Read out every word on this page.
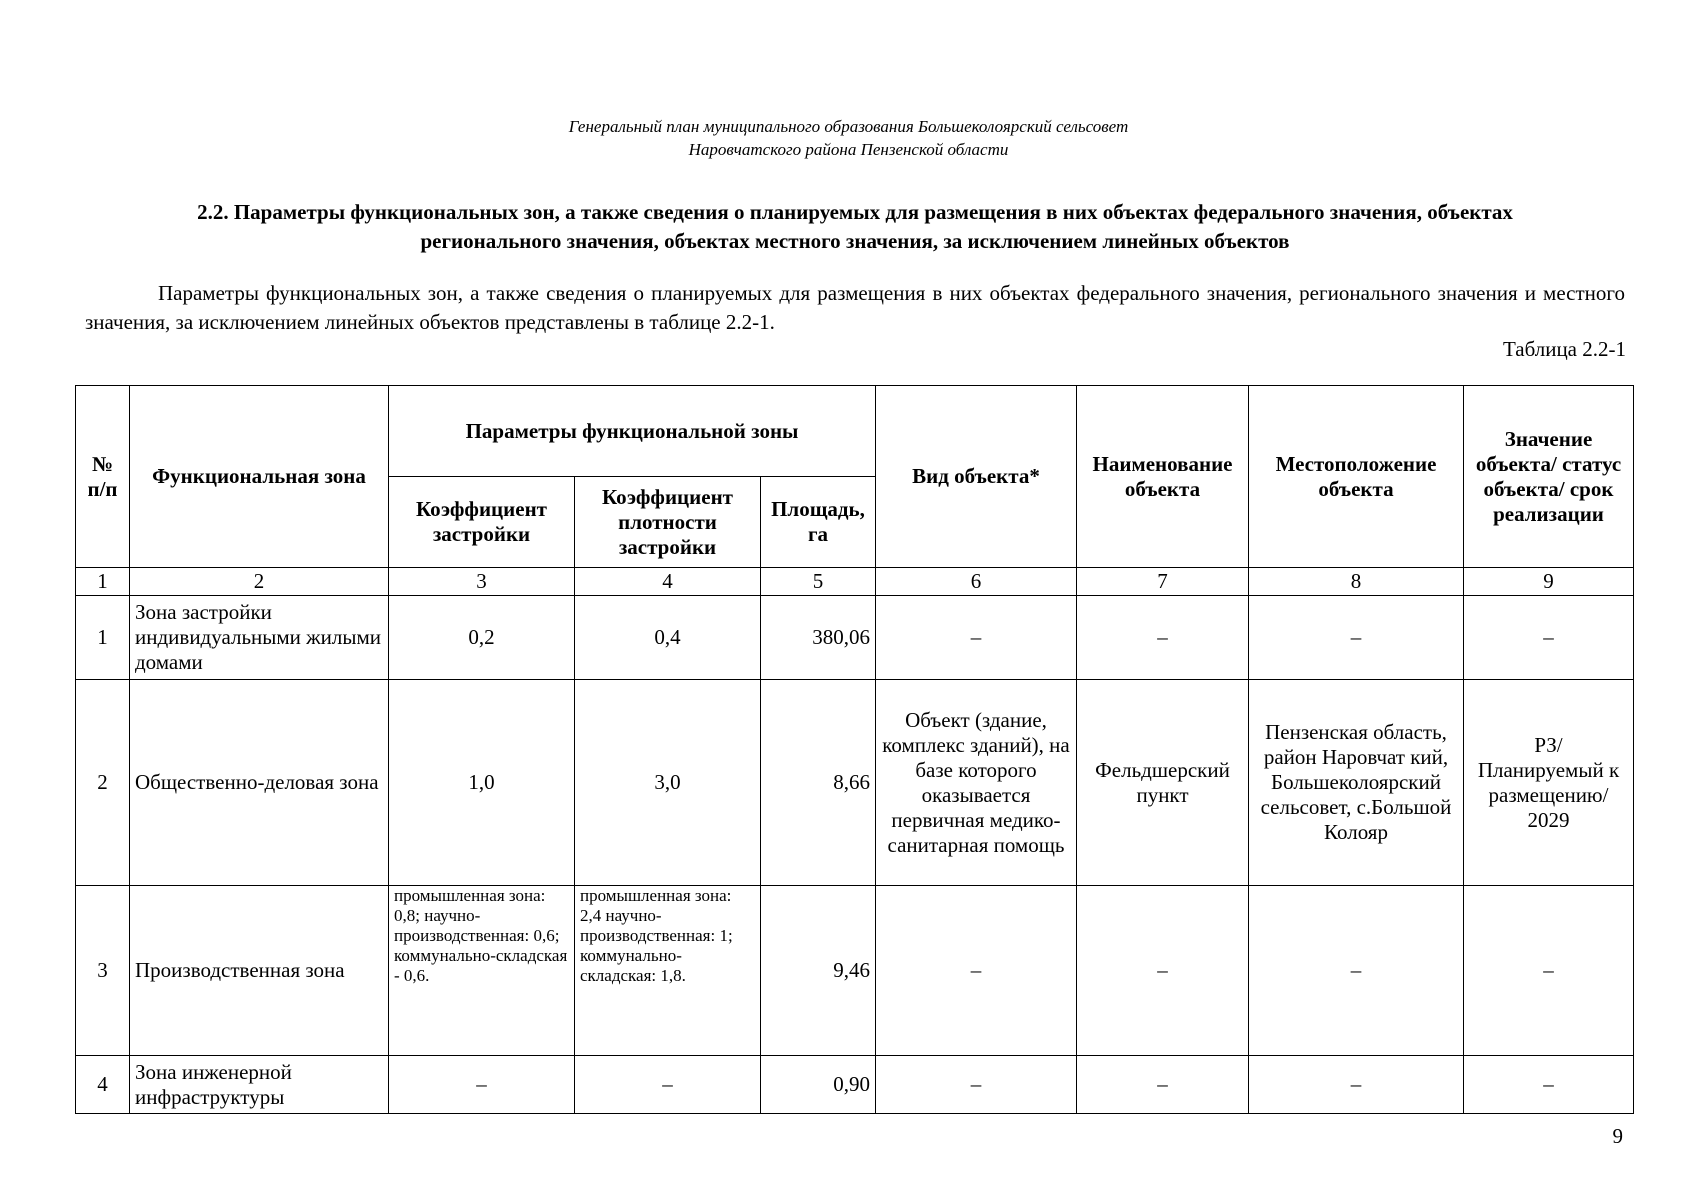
Генеральный план муниципального образования Большеколоярский сельсовет
Наровчатского района Пензенской области
2.2. Параметры функциональных зон, а также сведения о планируемых для размещения в них объектах федерального значения, объектах
регионального значения, объектах местного значения, за исключением линейных объектов
Параметры функциональных зон, а также сведения о планируемых для размещения в них объектах федерального значения, регионального значения и местного значения, за исключением линейных объектов представлены в таблице 2.2-1.
Таблица 2.2-1
№ п/п	Функциональная зона	Параметры функциональной зоны			Вид объекта*	Наименование объекта	Местоположение объекта	Значение объекта/ статус объекта/ срок реализации
		Коэффициент застройки	Коэффициент плотности застройки	Площадь, га				
1	2	3	4	5	6	7	8	9
1	Зона застройки индивидуальными жилыми домами	0,2	0,4	380,06	–	–	–	–
2	Общественно-деловая зона	1,0	3,0	8,66	Объект (здание, комплекс зданий), на базе которого оказывается первичная медико-санитарная помощь	Фельдшерский пункт	Пензенская область, район Наровчат кий, Большеколоярский сельсовет, с.Большой Колояр	РЗ/ Планируемый к размещению/ 2029
3	Производственная зона	промышленная зона: 0,8; научно-производственная: 0,6; коммунально-складская - 0,6.	промышленная зона: 2,4 научно-производственная: 1; коммунально-складская: 1,8.	9,46	–	–	–	–
4	Зона инженерной инфраструктуры	–	–	0,90	–	–	–	–
9
